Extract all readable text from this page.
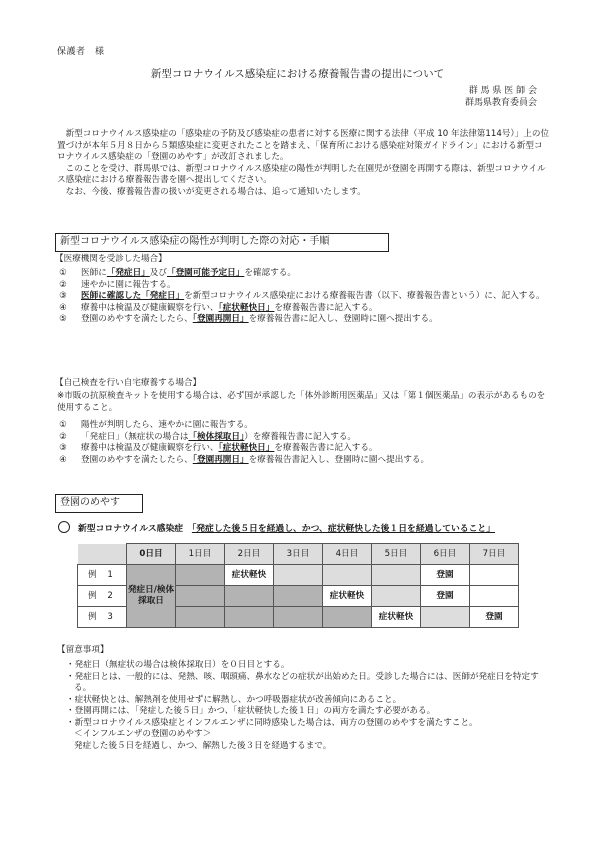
保護者　様
新型コロナウイルス感染症における療養報告書の提出について
群 馬 県 医 師 会
群馬県教育委員会

新型コロナウイルス感染症の「感染症の予防及び感染症の患者に対する医療に関する法律（平成 10 年法律第114号）」上の位置づけが本年５月８日から５類感染症に変更されたことを踏まえ、「保育所における感染症対策ガイドライン」における新型コロナウイルス感染症の「登園のめやす」が改訂されました。

このことを受け、群馬県では、新型コロナウイルス感染症の陽性が判明した在園児が登園を再開する際は、新型コロナウイルス感染症における療養報告書を園へ提出してください。

なお、今後、療養報告書の扱いが変更される場合は、追って通知いたします。

新型コロナウイルス感染症の陽性が判明した際の対応・手順
【医療機関を受診した場合】
①	医師に「発症日」及び「登園可能予定日」を確認する。
②	速やかに園に報告する。
③	医師に確認した「発症日」を新型コロナウイルス感染症における療養報告書（以下、療養報告書という）に、記入する。
④	療養中は検温及び健康観察を行い、「症状軽快日」を療養報告書に記入する。
⑤	登園のめやすを満たしたら、「登園再開日」を療養報告書に記入し、登園時に園へ提出する。
【自己検査を行い自宅療養する場合】
※市販の抗原検査キットを使用する場合は、必ず国が承認した「体外診断用医薬品」又は「第１個医薬品」の表示があるものを使用すること。
①	陽性が判明したら、速やかに園に報告する。
②	「発症日」（無症状の場合は「検体採取日」）を療養報告書に記入する。
③	療養中は検温及び健康観察を行い、「症状軽快日」を療養報告書に記入する。
④	登園のめやすを満たしたら、「登園再開日」を療養報告書記入し、登園時に園へ提出する。
登園のめやす
新型コロナウイルス感染症　 「発症した後５日を経過し、かつ、症状軽快した後１日を経過していること」
	0日目	1日目	2日目	3日目	4日目	5日目	6日目	7日目
例 1	発症日/検体採取日		症状軽快				登園	
例 2					症状軽快		登園	
例 3						症状軽快		登園
【留意事項】
・発症日（無症状の場合は検体採取日）を０日目とする。
・発症日とは、一般的には、発熱、咳、咽頭痛、鼻水などの症状が出始めた日。受診した場合には、医師が発症日を特定する。
・症状軽快とは、解熱剤を使用せずに解熱し、かつ呼吸器症状が改善傾向にあること。
・登園再開には、「発症した後５日」かつ、「症状軽快した後１日」の両方を満たす必要がある。
・新型コロナウイルス感染症とインフルエンザに同時感染した場合は、両方の登園のめやすを満たすこと。
＜インフルエンザの登園のめやす＞
発症した後５日を経過し、かつ、解熱した後３日を経過するまで。
